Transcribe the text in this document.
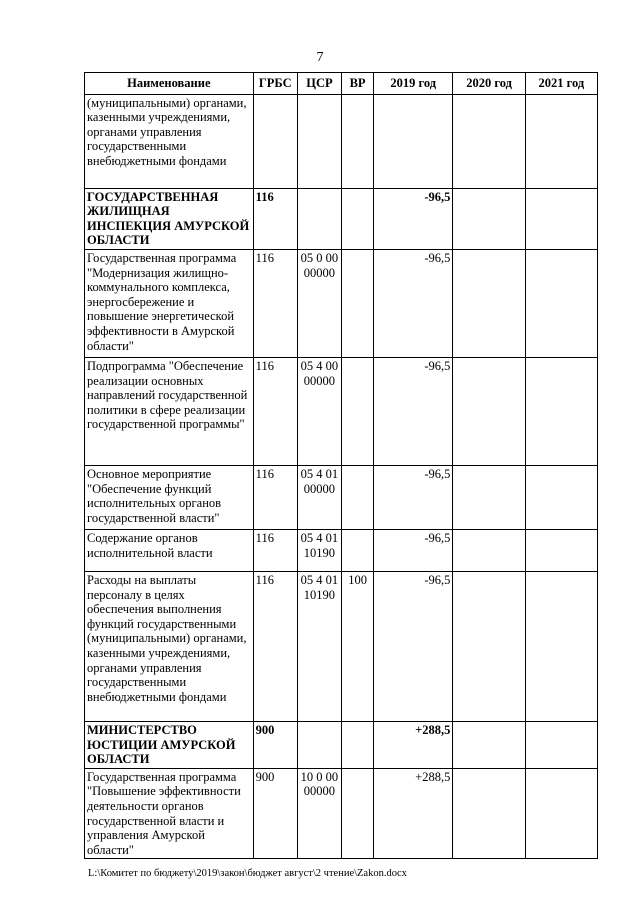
7
Наименование	ГРБС	ЦСР	ВР	2019 год	2020 год	2021 год
(муниципальными) органами, казенными учреждениями, органами управления государственными внебюджетными фондами						
ГОСУДАРСТВЕННАЯ ЖИЛИЩНАЯ ИНСПЕКЦИЯ АМУРСКОЙ ОБЛАСТИ	116			-96,5		
Государственная программа "Модернизация жилищно-коммунального комплекса, энергосбережение и повышение энергетической эффективности в Амурской области"	116	05 0 00 00000		-96,5		
Подпрограмма "Обеспечение реализации основных направлений государственной политики в сфере реализации государственной программы"	116	05 4 00 00000		-96,5		
Основное мероприятие "Обеспечение функций исполнительных органов государственной власти"	116	05 4 01 00000		-96,5		
Содержание органов исполнительной власти	116	05 4 01 10190		-96,5		
Расходы на выплаты персоналу в целях обеспечения выполнения функций государственными (муниципальными) органами, казенными учреждениями, органами управления государственными внебюджетными фондами	116	05 4 01 10190	100	-96,5		
МИНИСТЕРСТВО ЮСТИЦИИ АМУРСКОЙ ОБЛАСТИ	900			+288,5		
Государственная программа "Повышение эффективности деятельности органов государственной власти и управления Амурской области"	900	10 0 00 00000		+288,5		
L:\Комитет по бюджету\2019\закон\бюджет август\2 чтение\Zakon.docx
